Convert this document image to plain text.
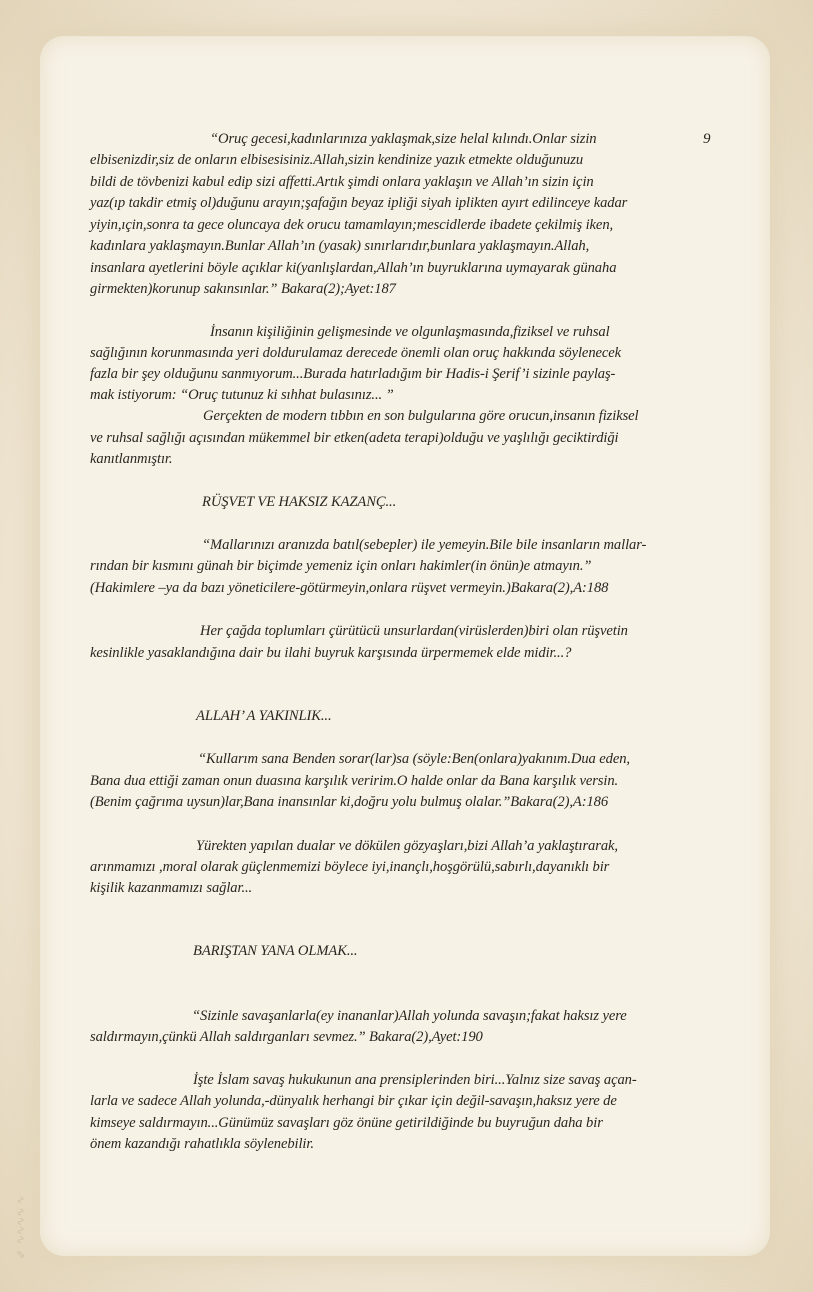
✎ ∿∿∿∿ ∿
9
“Oruç gecesi,kadınlarınıza yaklaşmak,size helal kılındı.Onlar sizin
elbisenizdir,siz de onların elbisesisiniz.Allah,sizin kendinize yazık etmekte olduğunuzu
bildi de tövbenizi kabul edip sizi affetti.Artık şimdi onlara yaklaşın ve Allah’ın sizin için
yaz(ıp takdir etmiş ol)duğunu arayın;şafağın beyaz ipliği siyah iplikten ayırt edilinceye kadar
yiyin,ıçin,sonra ta gece oluncaya dek orucu tamamlayın;mescidlerde ibadete çekilmiş iken,
kadınlara yaklaşmayın.Bunlar Allah’ın (yasak) sınırlarıdır,bunlara yaklaşmayın.Allah,
insanlara ayetlerini böyle açıklar ki(yanlışlardan,Allah’ın buyruklarına uymayarak günaha
girmekten)korunup sakınsınlar.” Bakara(2);Ayet:187
İnsanın kişiliğinin gelişmesinde ve olgunlaşmasında,fiziksel ve ruhsal
sağlığının korunmasında yeri doldurulamaz derecede önemli olan oruç hakkında söylenecek
fazla bir şey olduğunu sanmıyorum...Burada hatırladığım bir Hadis-i Şerif’i sizinle paylaş-
mak istiyorum: “Oruç tutunuz ki sıhhat bulasınız... ”
Gerçekten de modern tıbbın en son bulgularına göre orucun,insanın fiziksel
ve ruhsal sağlığı açısından mükemmel bir etken(adeta terapi)olduğu ve yaşlılığı geciktirdiği
kanıtlanmıştır.
RÜŞVET VE HAKSIZ KAZANÇ...
“Mallarınızı aranızda batıl(sebepler) ile yemeyin.Bile bile insanların mallar-
rından bir kısmını günah bir biçimde yemeniz için onları hakimler(in önün)e atmayın.”
(Hakimlere –ya da bazı yöneticilere-götürmeyin,onlara rüşvet vermeyin.)Bakara(2),A:188
Her çağda toplumları çürütücü unsurlardan(virüslerden)biri olan rüşvetin
kesinlikle yasaklandığına dair bu ilahi buyruk karşısında ürpermemek elde midir...?
ALLAH’ A YAKINLIK...
“Kullarım sana Benden sorar(lar)sa (söyle:Ben(onlara)yakınım.Dua eden,
Bana dua ettiği zaman onun duasına karşılık veririm.O halde onlar da Bana karşılık versin.
(Benim çağrıma uysun)lar,Bana inansınlar ki,doğru yolu bulmuş olalar.”Bakara(2),A:186
Yürekten yapılan dualar ve dökülen gözyaşları,bizi Allah’a yaklaştırarak,
arınmamızı ,moral olarak güçlenmemizi böylece iyi,inançlı,hoşgörülü,sabırlı,dayanıklı bir
kişilik kazanmamızı sağlar...
BARIŞTAN YANA OLMAK...
“Sizinle savaşanlarla(ey inananlar)Allah yolunda savaşın;fakat haksız yere
saldırmayın,çünkü Allah saldırganları sevmez.” Bakara(2),Ayet:190
İşte İslam savaş hukukunun ana prensiplerinden biri...Yalnız size savaş açan-
larla ve sadece Allah yolunda,-dünyalık herhangi bir çıkar için değil-savaşın,haksız yere de
kimseye saldırmayın...Günümüz savaşları göz önüne getirildiğinde bu buyruğun daha bir
önem kazandığı rahatlıkla söylenebilir.
